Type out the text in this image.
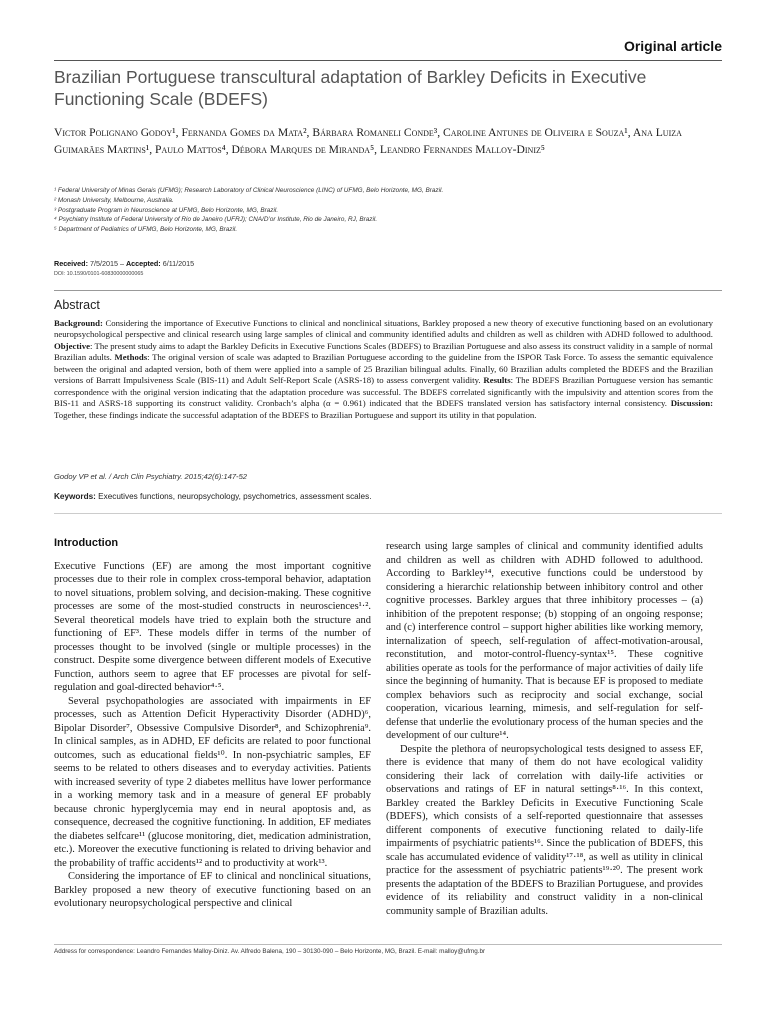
Original article
Brazilian Portuguese transcultural adaptation of Barkley Deficits in Executive Functioning Scale (BDEFS)
Victor Polignano Godoy¹, Fernanda Gomes da Mata², Bárbara Romaneli Conde³, Caroline Antunes de Oliveira e Souza¹, Ana Luiza Guimarães Martins¹, Paulo Mattos⁴, Débora Marques de Miranda⁵, Leandro Fernandes Malloy-Diniz⁵
¹ Federal University of Minas Gerais (UFMG); Research Laboratory of Clinical Neuroscience (LINC) of UFMG, Belo Horizonte, MG, Brazil.
² Monash University, Melbourne, Australia.
³ Postgraduate Program in Neuroscience at UFMG, Belo Horizonte, MG, Brazil.
⁴ Psychiatry Institute of Federal University of Rio de Janeiro (UFRJ); CNA/D’or Institute, Rio de Janeiro, RJ, Brazil.
⁵ Department of Pediatrics of UFMG, Belo Horizonte, MG, Brazil.
Received: 7/5/2015 – Accepted: 6/11/2015
DOI: 10.1590/0101-60830000000065
Abstract
Background: Considering the importance of Executive Functions to clinical and nonclinical situations, Barkley proposed a new theory of executive functioning based on an evolutionary neuropsychological perspective and clinical research using large samples of clinical and community identified adults and children as well as children with ADHD followed to adulthood. Objective: The present study aims to adapt the Barkley Deficits in Executive Functions Scales (BDEFS) to Brazilian Portuguese and also assess its construct validity in a sample of normal Brazilian adults. Methods: The original version of scale was adapted to Brazilian Portuguese according to the guideline from the ISPOR Task Force. To assess the semantic equivalence between the original and adapted version, both of them were applied into a sample of 25 Brazilian bilingual adults. Finally, 60 Brazilian adults completed the BDEFS and the Brazilian versions of Barratt Impulsiveness Scale (BIS-11) and Adult Self-Report Scale (ASRS-18) to assess convergent validity. Results: The BDEFS Brazilian Portuguese version has semantic correspondence with the original version indicating that the adaptation procedure was successful. The BDEFS correlated significantly with the impulsivity and attention scores from the BIS-11 and ASRS-18 supporting its construct validity. Cronbach’s alpha (α = 0.961) indicated that the BDEFS translated version has satisfactory internal consistency. Discussion: Together, these findings indicate the successful adaptation of the BDEFS to Brazilian Portuguese and support its utility in that population.
Godoy VP et al. / Arch Clin Psychiatry. 2015;42(6):147-52
Keywords: Executives functions, neuropsychology, psychometrics, assessment scales.
Introduction

Executive Functions (EF) are among the most important cognitive processes due to their role in complex cross-temporal behavior, adaptation to novel situations, problem solving, and decision-making. These cognitive processes are some of the most-studied constructs in neurosciences¹·². Several theoretical models have tried to explain both the structure and functioning of EF³. These models differ in terms of the number of processes thought to be involved (single or multiple processes) in the construct. Despite some divergence between different models of Executive Function, authors seem to agree that EF processes are pivotal for self-regulation and goal-directed behavior⁴·⁵.

Several psychopathologies are associated with impairments in EF processes, such as Attention Deficit Hyperactivity Disorder (ADHD)⁶, Bipolar Disorder⁷, Obsessive Compulsive Disorder⁸, and Schizophrenia⁹. In clinical samples, as in ADHD, EF deficits are related to poor functional outcomes, such as educational fields¹⁰. In non-psychiatric samples, EF seems to be related to others diseases and to everyday activities. Patients with increased severity of type 2 diabetes mellitus have lower performance in a working memory task and in a measure of general EF probably because chronic hyperglycemia may end in neural apoptosis and, as consequence, decreased the cognitive functioning. In addition, EF mediates the diabetes selfcare¹¹ (glucose monitoring, diet, medication administration, etc.). Moreover the executive functioning is related to driving behavior and the probability of traffic accidents¹² and to productivity at work¹³.

Considering the importance of EF to clinical and nonclinical situations, Barkley proposed a new theory of executive functioning based on an evolutionary neuropsychological perspective and clinical

research using large samples of clinical and community identified adults and children as well as children with ADHD followed to adulthood. According to Barkley¹⁴, executive functions could be understood by considering a hierarchic relationship between inhibitory control and other cognitive processes. Barkley argues that three inhibitory processes – (a) inhibition of the prepotent response; (b) stopping of an ongoing response; and (c) interference control – support higher abilities like working memory, internalization of speech, self-regulation of affect-motivation-arousal, reconstitution, and motor-control-fluency-syntax¹⁵. These cognitive abilities operate as tools for the performance of major activities of daily life since the beginning of humanity. That is because EF is proposed to mediate complex behaviors such as reciprocity and social exchange, social cooperation, vicarious learning, mimesis, and self-regulation for self-defense that underlie the evolutionary process of the human species and the development of our culture¹⁴.

Despite the plethora of neuropsychological tests designed to assess EF, there is evidence that many of them do not have ecological validity considering their lack of correlation with daily-life activities or observations and ratings of EF in natural settings⁸·¹⁶. In this context, Barkley created the Barkley Deficits in Executive Functioning Scale (BDEFS), which consists of a self-reported questionnaire that assesses different components of executive functioning related to daily-life impairments of psychiatric patients¹⁶. Since the publication of BDEFS, this scale has accumulated evidence of validity¹⁷·¹⁸, as well as utility in clinical practice for the assessment of psychiatric patients¹⁹·²⁰. The present work presents the adaptation of the BDEFS to Brazilian Portuguese, and provides evidence of its reliability and construct validity in a non-clinical community sample of Brazilian adults.

Address for correspondence: Leandro Fernandes Malloy-Diniz. Av. Alfredo Balena, 190 – 30130-090 – Belo Horizonte, MG, Brazil. E-mail: malloy@ufmg.br
